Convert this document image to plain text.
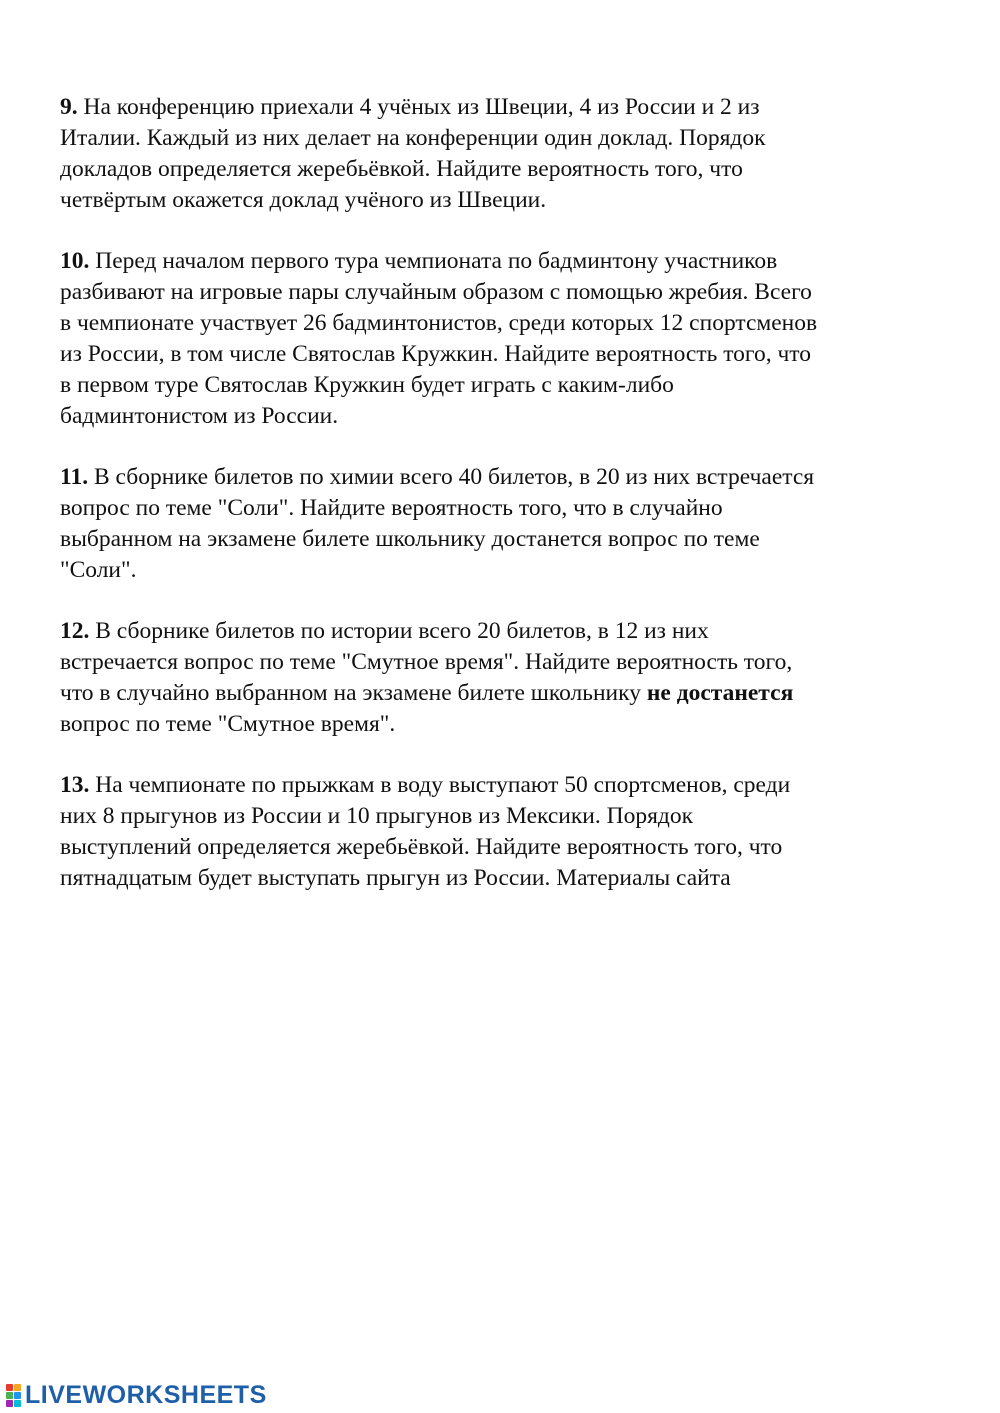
9. На конференцию приехали 4 учёных из Швеции, 4 из России и 2 из
Италии. Каждый из них делает на конференции один доклад. Порядок
докладов определяется жеребьёвкой. Найдите вероятность того, что
четвёртым окажется доклад учёного из Швеции.
10. Перед началом первого тура чемпионата по бадминтону участников
разбивают на игровые пары случайным образом с помощью жребия. Всего
в чемпионате участвует 26 бадминтонистов, среди которых 12 спортсменов
из России, в том числе Святослав Кружкин. Найдите вероятность того, что
в первом туре Святослав Кружкин будет играть с каким-либо
бадминтонистом из России.
11. В сборнике билетов по химии всего 40 билетов, в 20 из них встречается
вопрос по теме "Соли". Найдите вероятность того, что в случайно
выбранном на экзамене билете школьнику достанется вопрос по теме
"Соли".
12. В сборнике билетов по истории всего 20 билетов, в 12 из них
встречается вопрос по теме "Смутное время". Найдите вероятность того,
что в случайно выбранном на экзамене билете школьнику не достанется
вопрос по теме "Смутное время".
13. На чемпионате по прыжкам в воду выступают 50 спортсменов, среди
них 8 прыгунов из России и 10 прыгунов из Мексики. Порядок
выступлений определяется жеребьёвкой. Найдите вероятность того, что
пятнадцатым будет выступать прыгун из России. Материалы сайта
LIVEWORKSHEETS
